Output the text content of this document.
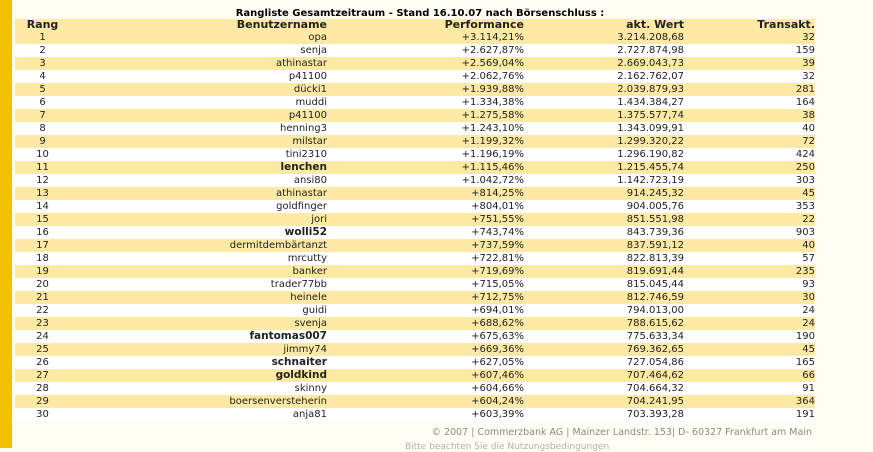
Rangliste Gesamtzeitraum - Stand 16.10.07 nach Börsenschluss :
Rang	Benutzername	Performance	akt. Wert	Transakt.
1	opa	+3.114,21%	3.214.208,68	32
2	senja	+2.627,87%	2.727.874,98	159
3	athinastar	+2.569,04%	2.669.043,73	39
4	p41100	+2.062,76%	2.162.762,07	32
5	dücki1	+1.939,88%	2.039.879,93	281
6	muddi	+1.334,38%	1.434.384,27	164
7	p41100	+1.275,58%	1.375.577,74	38
8	henning3	+1.243,10%	1.343.099,91	40
9	milstar	+1.199,32%	1.299.320,22	72
10	tini2310	+1.196,19%	1.296.190,82	424
11	lenchen	+1.115,46%	1.215.455,74	250
12	ansi80	+1.042,72%	1.142.723,19	303
13	athinastar	+814,25%	914.245,32	45
14	goldfinger	+804,01%	904.005,76	353
15	jori	+751,55%	851.551,98	22
16	wolli52	+743,74%	843.739,36	903
17	dermitdembärtanzt	+737,59%	837.591,12	40
18	mrcutty	+722,81%	822.813,39	57
19	banker	+719,69%	819.691,44	235
20	trader77bb	+715,05%	815.045,44	93
21	heinele	+712,75%	812.746,59	30
22	guidi	+694,01%	794.013,00	24
23	svenja	+688,62%	788.615,62	24
24	fantomas007	+675,63%	775.633,34	190
25	jimmy74	+669,36%	769.362,65	45
26	schnaiter	+627,05%	727.054,86	165
27	goldkind	+607,46%	707.464,62	66
28	skinny	+604,66%	704.664,32	91
29	boersenversteherin	+604,24%	704.241,95	364
30	anja81	+603,39%	703.393,28	191
© 2007 | Commerzbank AG | Mainzer Landstr. 153| D- 60327 Frankfurt am Main
Bitte beachten Sie die Nutzungsbedingungen
